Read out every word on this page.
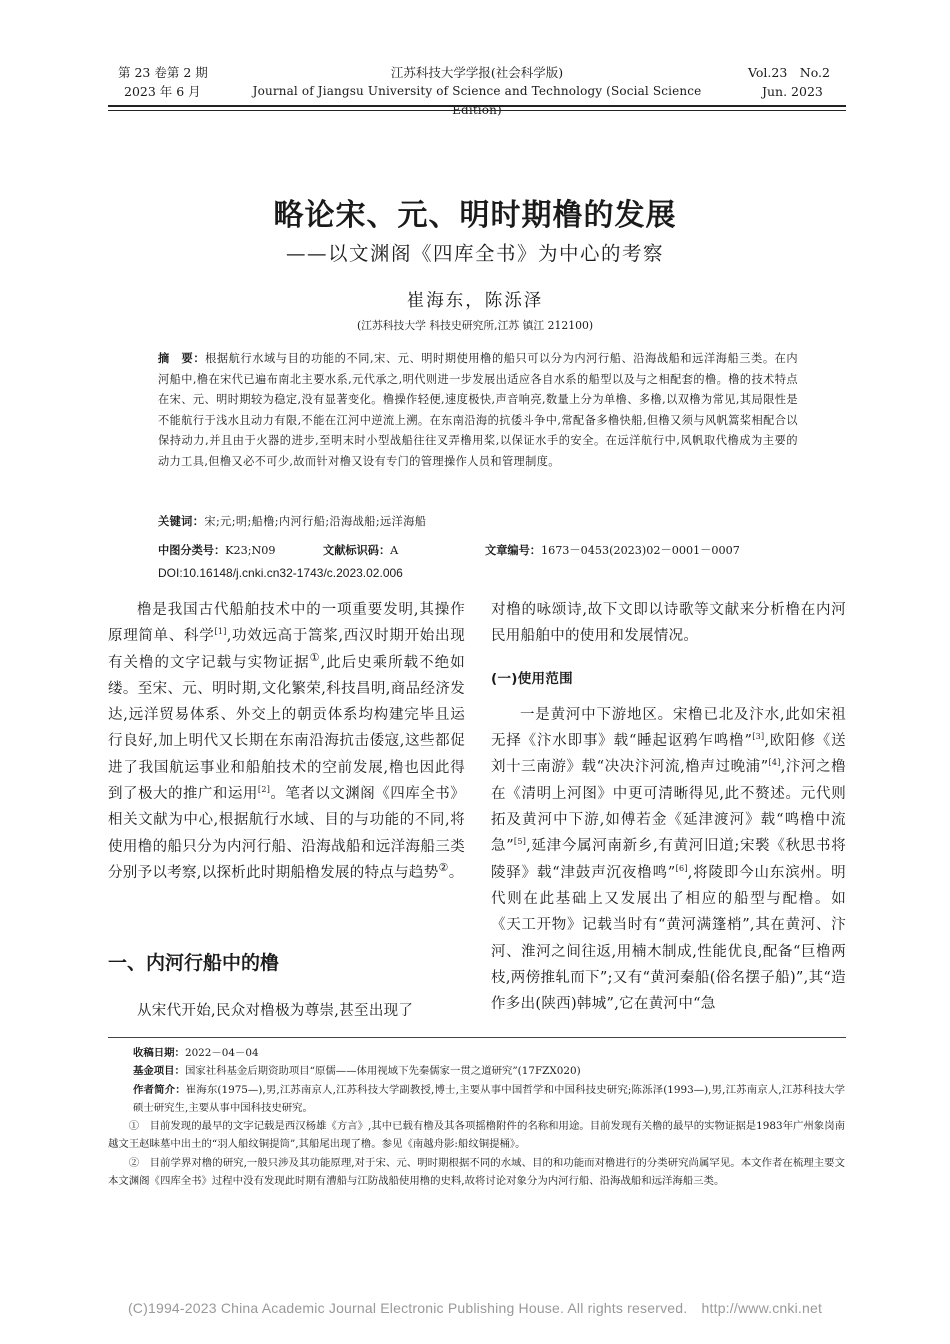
第 23 卷第 2 期
2023 年 6 月
江苏科技大学学报(社会科学版)
Journal of Jiangsu University of Science and Technology (Social Science Edition)
Vol.23　No.2
Jun. 2023
略论宋、元、明时期橹的发展
——以文渊阁《四库全书》为中心的考察
崔海东，陈泺泽
(江苏科技大学 科技史研究所,江苏 镇江 212100)
摘　要：根据航行水域与目的功能的不同,宋、元、明时期使用橹的船只可以分为内河行船、沿海战船和远洋海船三类。在内河船中,橹在宋代已遍布南北主要水系,元代承之,明代则进一步发展出适应各自水系的船型以及与之相配套的橹。橹的技术特点在宋、元、明时期较为稳定,没有显著变化。橹操作轻便,速度极快,声音响亮,数量上分为单橹、多橹,以双橹为常见,其局限性是不能航行于浅水且动力有限,不能在江河中逆流上溯。在东南沿海的抗倭斗争中,常配备多橹快船,但橹又须与风帆篙桨相配合以保持动力,并且由于火器的进步,至明末时小型战船往往叉弄橹用桨,以保证水手的安全。在远洋航行中,风帆取代橹成为主要的动力工具,但橹又必不可少,故而针对橹又设有专门的管理操作人员和管理制度。
关键词：宋;元;明;船橹;内河行船;沿海战船;远洋海船
中图分类号：K23;N09	文献标识码：A	文章编号：1673－0453(2023)02－0001－0007
DOI:10.16148/j.cnki.cn32-1743/c.2023.02.006

橹是我国古代船舶技术中的一项重要发明,其操作原理简单、科学[1],功效远高于篙桨,西汉时期开始出现有关橹的文字记载与实物证据①,此后史乘所载不绝如缕。至宋、元、明时期,文化繁荣,科技昌明,商品经济发达,远洋贸易体系、外交上的朝贡体系均构建完毕且运行良好,加上明代又长期在东南沿海抗击倭寇,这些都促进了我国航运事业和船舶技术的空前发展,橹也因此得到了极大的推广和运用[2]。笔者以文渊阁《四库全书》相关文献为中心,根据航行水域、目的与功能的不同,将使用橹的船只分为内河行船、沿海战船和远洋海船三类分别予以考察,以探析此时期船橹发展的特点与趋势②。

一、内河行船中的橹

从宋代开始,民众对橹极为尊崇,甚至出现了

对橹的咏颂诗,故下文即以诗歌等文献来分析橹在内河民用船舶中的使用和发展情况。

(一)使用范围

一是黄河中下游地区。宋橹已北及汴水,此如宋祖无择《汴水即事》载“睡起讴鸦乍鸣橹”[3],欧阳修《送刘十三南游》载“决决汴河流,橹声过晚浦”[4],汴河之橹在《清明上河图》中更可清晰得见,此不赘述。元代则拓及黄河中下游,如傅若金《延津渡河》载“鸣橹中流急”[5],延津今属河南新乡,有黄河旧道;宋褧《秋思书将陵驿》载“津鼓声沉夜橹鸣”[6],将陵即今山东滨州。明代则在此基础上又发展出了相应的船型与配橹。如《天工开物》记载当时有“黄河满篷梢”,其在黄河、汴河、淮河之间往返,用楠木制成,性能优良,配备“巨橹两枝,两傍推轧而下”;又有“黄河秦船(俗名摆子船)”,其“造作多出(陕西)韩城”,它在黄河中“急

收稿日期：2022－04－04

基金项目：国家社科基金后期资助项目“原儒——体用视域下先秦儒家一贯之道研究”(17FZX020)

作者简介：崔海东(1975—),男,江苏南京人,江苏科技大学副教授,博士,主要从事中国哲学和中国科技史研究;陈泺泽(1993—),男,江苏南京人,江苏科技大学硕士研究生,主要从事中国科技史研究。

①　 目前发现的最早的文字记载是西汉杨雄《方言》,其中已载有橹及其各项摇橹附件的名称和用途。目前发现有关橹的最早的实物证据是1983年广州象岗南越文王赵眛墓中出土的“羽人船纹铜提筒”,其船尾出现了橹。参见《南越舟影:船纹铜提桶》。

②　 目前学界对橹的研究,一般只涉及其功能原理,对于宋、元、明时期根据不同的水域、目的和功能而对橹进行的分类研究尚属罕见。本文作者在梳理主要文本文渊阁《四库全书》过程中没有发现此时期有漕船与江防战船使用橹的史料,故将讨论对象分为内河行船、沿海战船和远洋海船三类。

(C)1994-2023 China Academic Journal Electronic Publishing House. All rights reserved.　http://www.cnki.net
